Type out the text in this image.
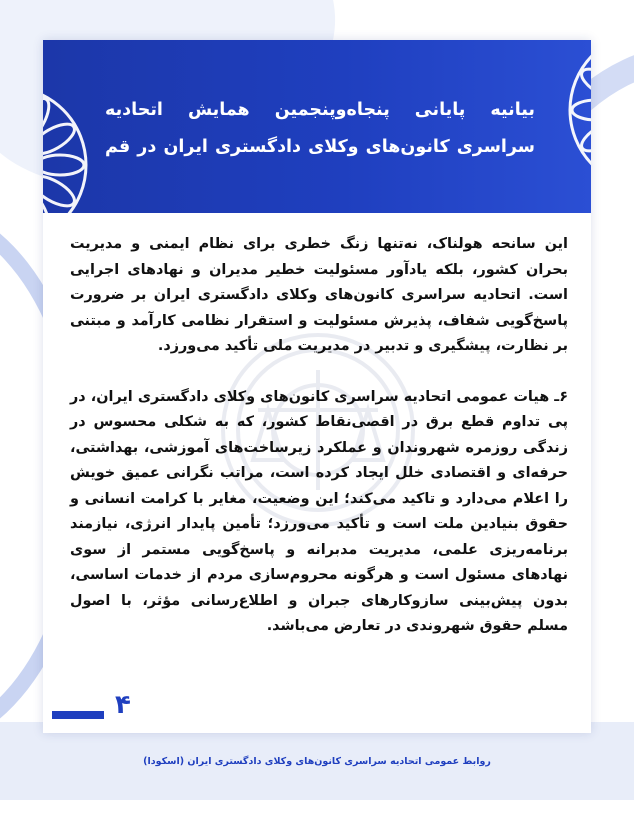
بیانیه پایانی پنجاه‌وپنجمین همایش اتحادیه
سراسری کانون‌های وکلای دادگستری ایران در قم

این سانحه هولناک، نه‌تنها زنگ خطری برای نظام ایمنی و مدیریت بحران کشور، بلکه یادآور مسئولیت خطیر مدیران و نهادهای اجرایی است. اتحادیه سراسری کانون‌های وکلای دادگستری ایران بر ضرورت پاسخ‌گویی شفاف، پذیرش مسئولیت و استقرار نظامی کارآمد و مبتنی بر نظارت، پیشگیری و تدبیر در مدیریت ملی تأکید می‌ورزد.

۶ـ هیات عمومی اتحادیه سراسری کانون‌های وکلای دادگستری ایران، در پی تداوم قطع برق در اقصی‌نقاط کشور، که به شکلی محسوس در زندگی روزمره شهروندان و عملکرد زیرساخت‌های آموزشی، بهداشتی، حرفه‌ای و اقتصادی خلل ایجاد کرده است، مراتب نگرانی عمیق خویش را اعلام می‌دارد و تاکید می‌کند؛ این وضعیت، مغایر با کرامت انسانی و حقوق بنیادین ملت است و تأکید می‌ورزد؛ تأمین پایدار انرژی، نیازمند برنامه‌ریزی علمی، مدیریت مدبرانه و پاسخ‌گویی مستمر از سوی نهادهای مسئول است و هرگونه محروم‌سازی مردم از خدمات اساسی، بدون پیش‌بینی سازوکارهای جبران و اطلاع‌رسانی مؤثر، با اصول مسلم حقوق شهروندی در تعارض می‌باشد.

۴
روابط عمومی اتحادیه سراسری کانون‌های وکلای دادگستری ایران (اسکودا)
